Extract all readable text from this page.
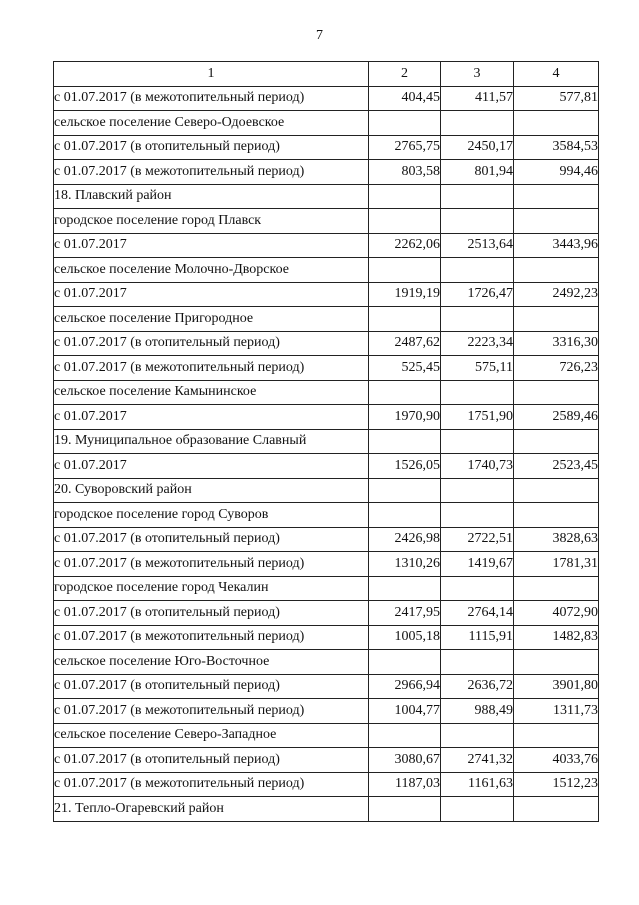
7
1	2	3	4
с 01.07.2017 (в межотопительный период)	404,45	411,57	577,81
сельское поселение Северо-Одоевское			
с 01.07.2017 (в отопительный период)	2765,75	2450,17	3584,53
с 01.07.2017 (в межотопительный период)	803,58	801,94	994,46
18. Плавский район			
городское поселение город Плавск			
с 01.07.2017	2262,06	2513,64	3443,96
сельское поселение Молочно-Дворское			
с 01.07.2017	1919,19	1726,47	2492,23
сельское поселение Пригородное			
с 01.07.2017 (в отопительный период)	2487,62	2223,34	3316,30
с 01.07.2017 (в межотопительный период)	525,45	575,11	726,23
сельское поселение Камынинское			
с 01.07.2017	1970,90	1751,90	2589,46
19. Муниципальное образование Славный			
с 01.07.2017	1526,05	1740,73	2523,45
20. Суворовский район			
городское поселение город Суворов			
с 01.07.2017 (в отопительный период)	2426,98	2722,51	3828,63
с 01.07.2017 (в межотопительный период)	1310,26	1419,67	1781,31
городское поселение город Чекалин			
с 01.07.2017 (в отопительный период)	2417,95	2764,14	4072,90
с 01.07.2017 (в межотопительный период)	1005,18	1115,91	1482,83
сельское поселение Юго-Восточное			
с 01.07.2017 (в отопительный период)	2966,94	2636,72	3901,80
с 01.07.2017 (в межотопительный период)	1004,77	988,49	1311,73
сельское поселение Северо-Западное			
с 01.07.2017 (в отопительный период)	3080,67	2741,32	4033,76
с 01.07.2017 (в межотопительный период)	1187,03	1161,63	1512,23
21. Тепло-Огаревский район			
